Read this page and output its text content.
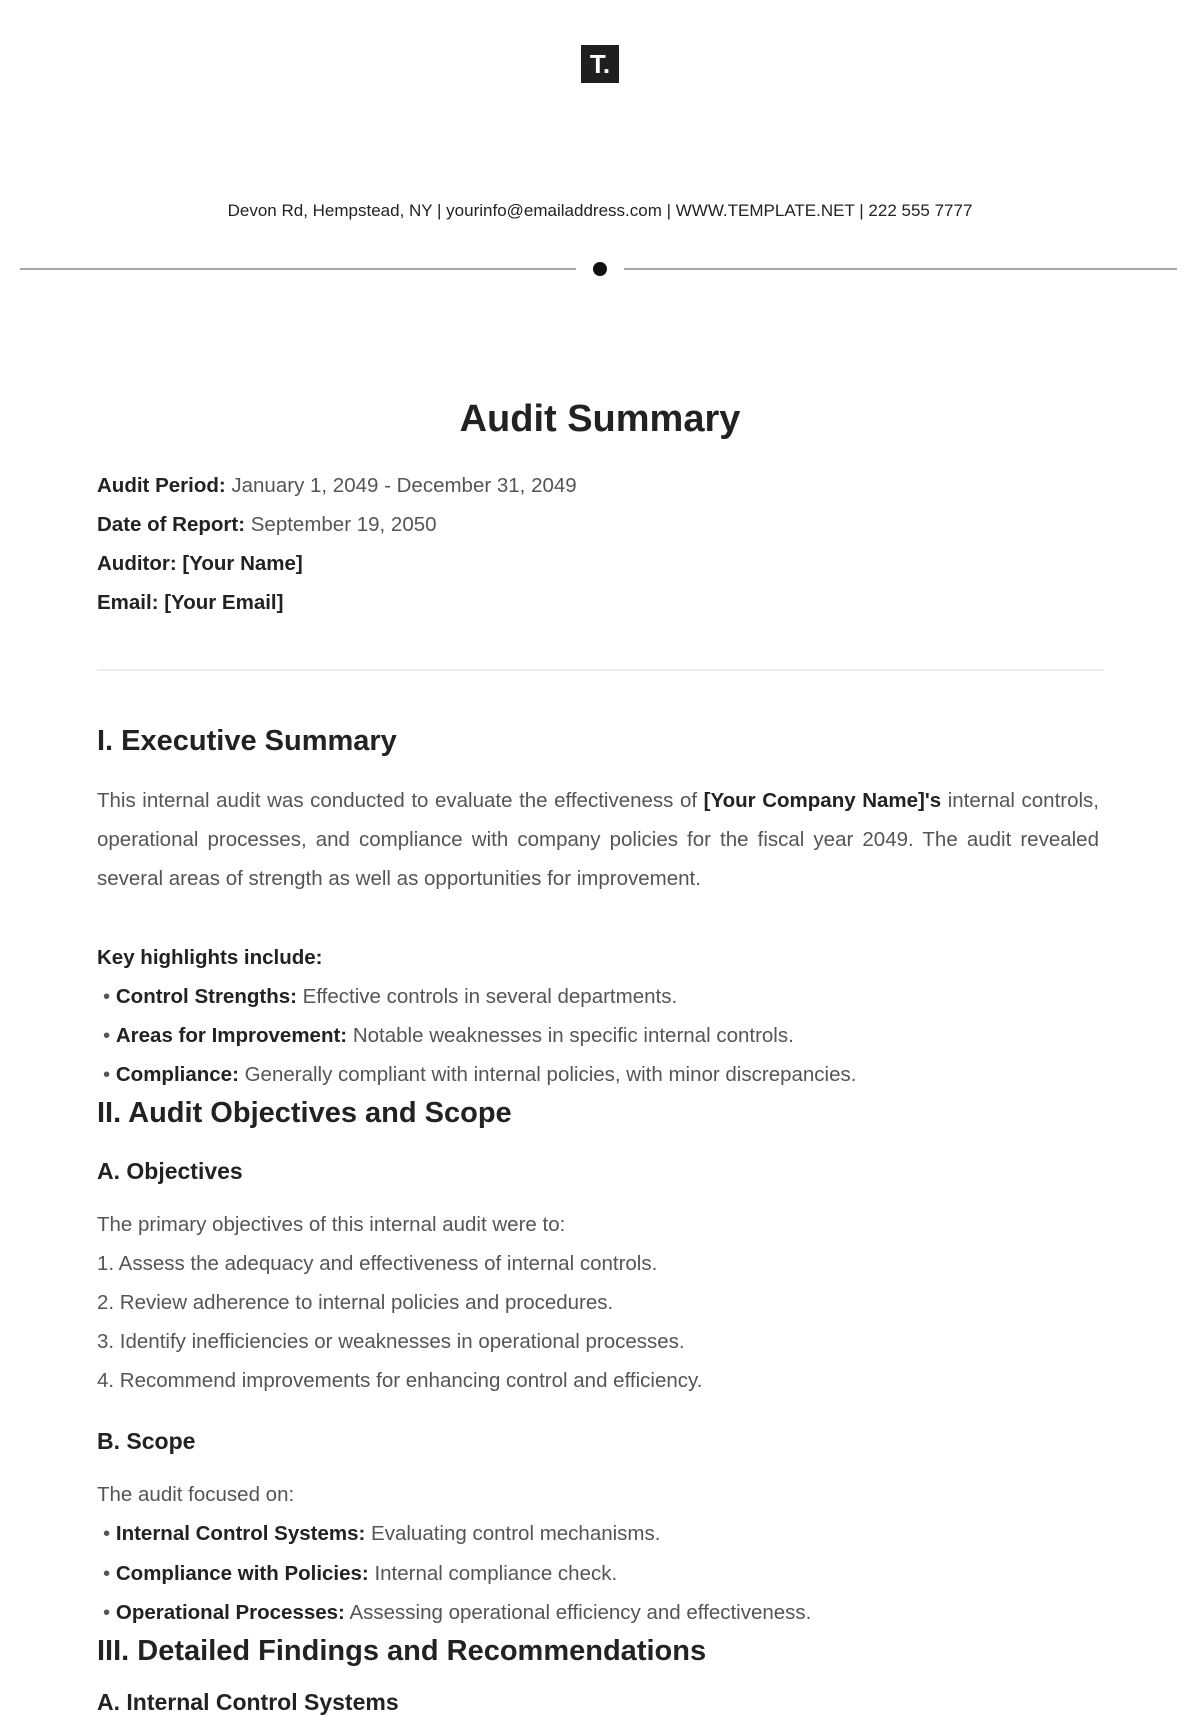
T.
Devon Rd, Hempstead, NY | yourinfo@emailaddress.com | WWW.TEMPLATE.NET | 222 555 7777
Audit Summary
Audit Period: January 1, 2049 - December 31, 2049
Date of Report: September 19, 2050
Auditor: [Your Name]
Email: [Your Email]
I. Executive Summary
This internal audit was conducted to evaluate the effectiveness of [Your Company Name]'s internal controls, operational processes, and compliance with company policies for the fiscal year 2049. The audit revealed several areas of strength as well as opportunities for improvement.
Key highlights include:
• Control Strengths: Effective controls in several departments.
• Areas for Improvement: Notable weaknesses in specific internal controls.
• Compliance: Generally compliant with internal policies, with minor discrepancies.
II. Audit Objectives and Scope
A. Objectives
The primary objectives of this internal audit were to:
1. Assess the adequacy and effectiveness of internal controls.
2. Review adherence to internal policies and procedures.
3. Identify inefficiencies or weaknesses in operational processes.
4. Recommend improvements for enhancing control and efficiency.
B. Scope
The audit focused on:
• Internal Control Systems: Evaluating control mechanisms.
• Compliance with Policies: Internal compliance check.
• Operational Processes: Assessing operational efficiency and effectiveness.
III. Detailed Findings and Recommendations
A. Internal Control Systems
